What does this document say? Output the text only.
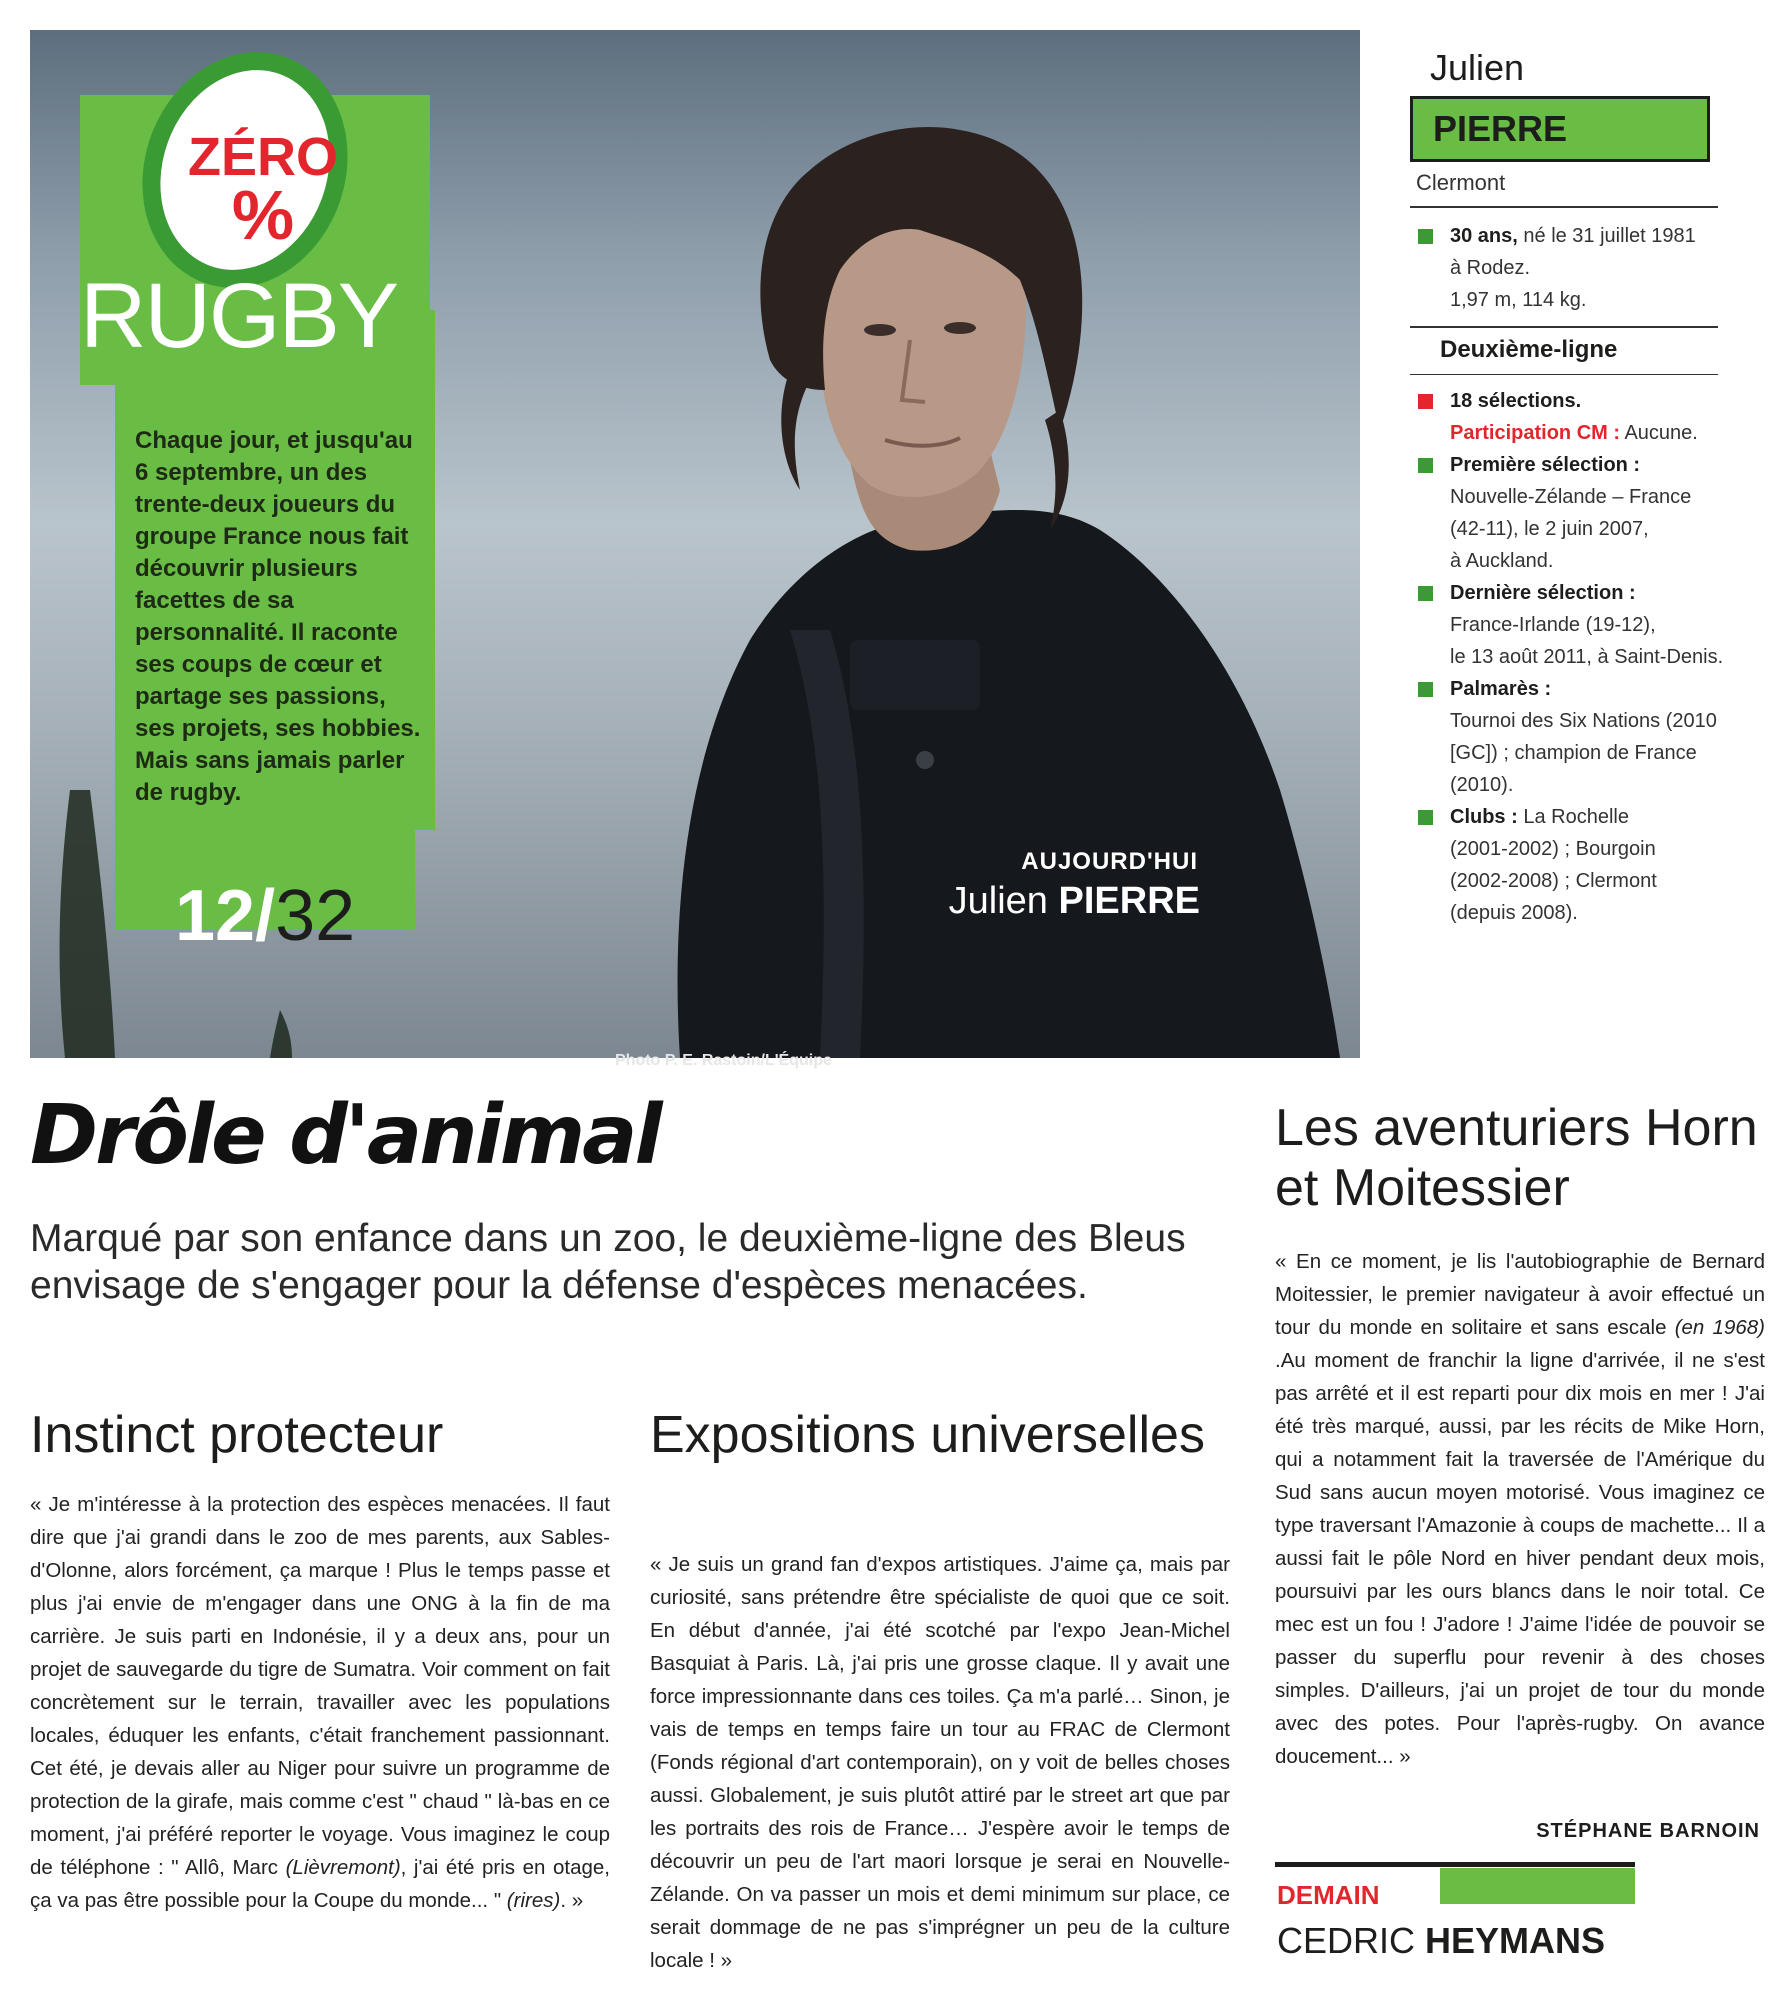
AUJOURD'HUI
Julien PIERRE
Photo P. E. Rastoin/L'Équipe
ZÉRO
%
RUGBY
Chaque jour, et jusqu'au 6 septembre, un des trente-deux joueurs du groupe France nous fait découvrir plusieurs facettes de sa personnalité. Il raconte ses coups de cœur et partage ses passions, ses projets, ses hobbies. Mais sans jamais parler de rugby.
12/32
Julien
PIERRE
Clermont
30 ans, né le 31 juillet 1981
à Rodez.
1,97 m, 114 kg.
Deuxième-ligne
18 sélections.
Participation CM : Aucune.
Première sélection :
Nouvelle-Zélande – France
(42-11), le 2 juin 2007,
à Auckland.
Dernière sélection :
France-Irlande (19-12),
le 13 août 2011, à Saint-Denis.
Palmarès :
Tournoi des Six Nations (2010
[GC]) ; champion de France
(2010).
Clubs : La Rochelle
(2001-2002) ; Bourgoin
(2002-2008) ; Clermont
(depuis 2008).
Drôle d'animal
Marqué par son enfance dans un zoo, le deuxième-ligne des Bleus envisage de s'engager pour la défense d'espèces menacées.
Instinct protecteur
« Je m'intéresse à la protection des espèces menacées. Il faut dire que j'ai grandi dans le zoo de mes parents, aux Sables-d'Olonne, alors forcément, ça marque ! Plus le temps passe et plus j'ai envie de m'engager dans une ONG à la fin de ma carrière. Je suis parti en Indonésie, il y a deux ans, pour un projet de sauvegarde du tigre de Sumatra. Voir comment on fait concrètement sur le terrain, travailler avec les populations locales, éduquer les enfants, c'était franchement passionnant. Cet été, je devais aller au Niger pour suivre un programme de protection de la girafe, mais comme c'est " chaud " là-bas en ce moment, j'ai préféré reporter le voyage. Vous imaginez le coup de téléphone : " Allô, Marc (Lièvremont), j'ai été pris en otage, ça va pas être possible pour la Coupe du monde... " (rires). »
Expositions universelles
« Je suis un grand fan d'expos artistiques. J'aime ça, mais par curiosité, sans prétendre être spécialiste de quoi que ce soit. En début d'année, j'ai été scotché par l'expo Jean-Michel Basquiat à Paris. Là, j'ai pris une grosse claque. Il y avait une force impressionnante dans ces toiles. Ça m'a parlé… Sinon, je vais de temps en temps faire un tour au FRAC de Clermont (Fonds régional d'art contemporain), on y voit de belles choses aussi. Globalement, je suis plutôt attiré par le street art que par les portraits des rois de France… J'espère avoir le temps de découvrir un peu de l'art maori lorsque je serai en Nouvelle-Zélande. On va passer un mois et demi minimum sur place, ce serait dommage de ne pas s'imprégner un peu de la culture locale ! »
Les aventuriers Horn et Moitessier
« En ce moment, je lis l'autobiographie de Bernard Moitessier, le premier navigateur à avoir effectué un tour du monde en solitaire et sans escale (en 1968) .Au moment de franchir la ligne d'arrivée, il ne s'est pas arrêté et il est reparti pour dix mois en mer ! J'ai été très marqué, aussi, par les récits de Mike Horn, qui a notamment fait la traversée de l'Amérique du Sud sans aucun moyen motorisé. Vous imaginez ce type traversant l'Amazonie à coups de machette... Il a aussi fait le pôle Nord en hiver pendant deux mois, poursuivi par les ours blancs dans le noir total. Ce mec est un fou ! J'adore ! J'aime l'idée de pouvoir se passer du superflu pour revenir à des choses simples. D'ailleurs, j'ai un projet de tour du monde avec des potes. Pour l'après-rugby. On avance doucement... »
STÉPHANE BARNOIN
DEMAIN
CEDRIC HEYMANS
